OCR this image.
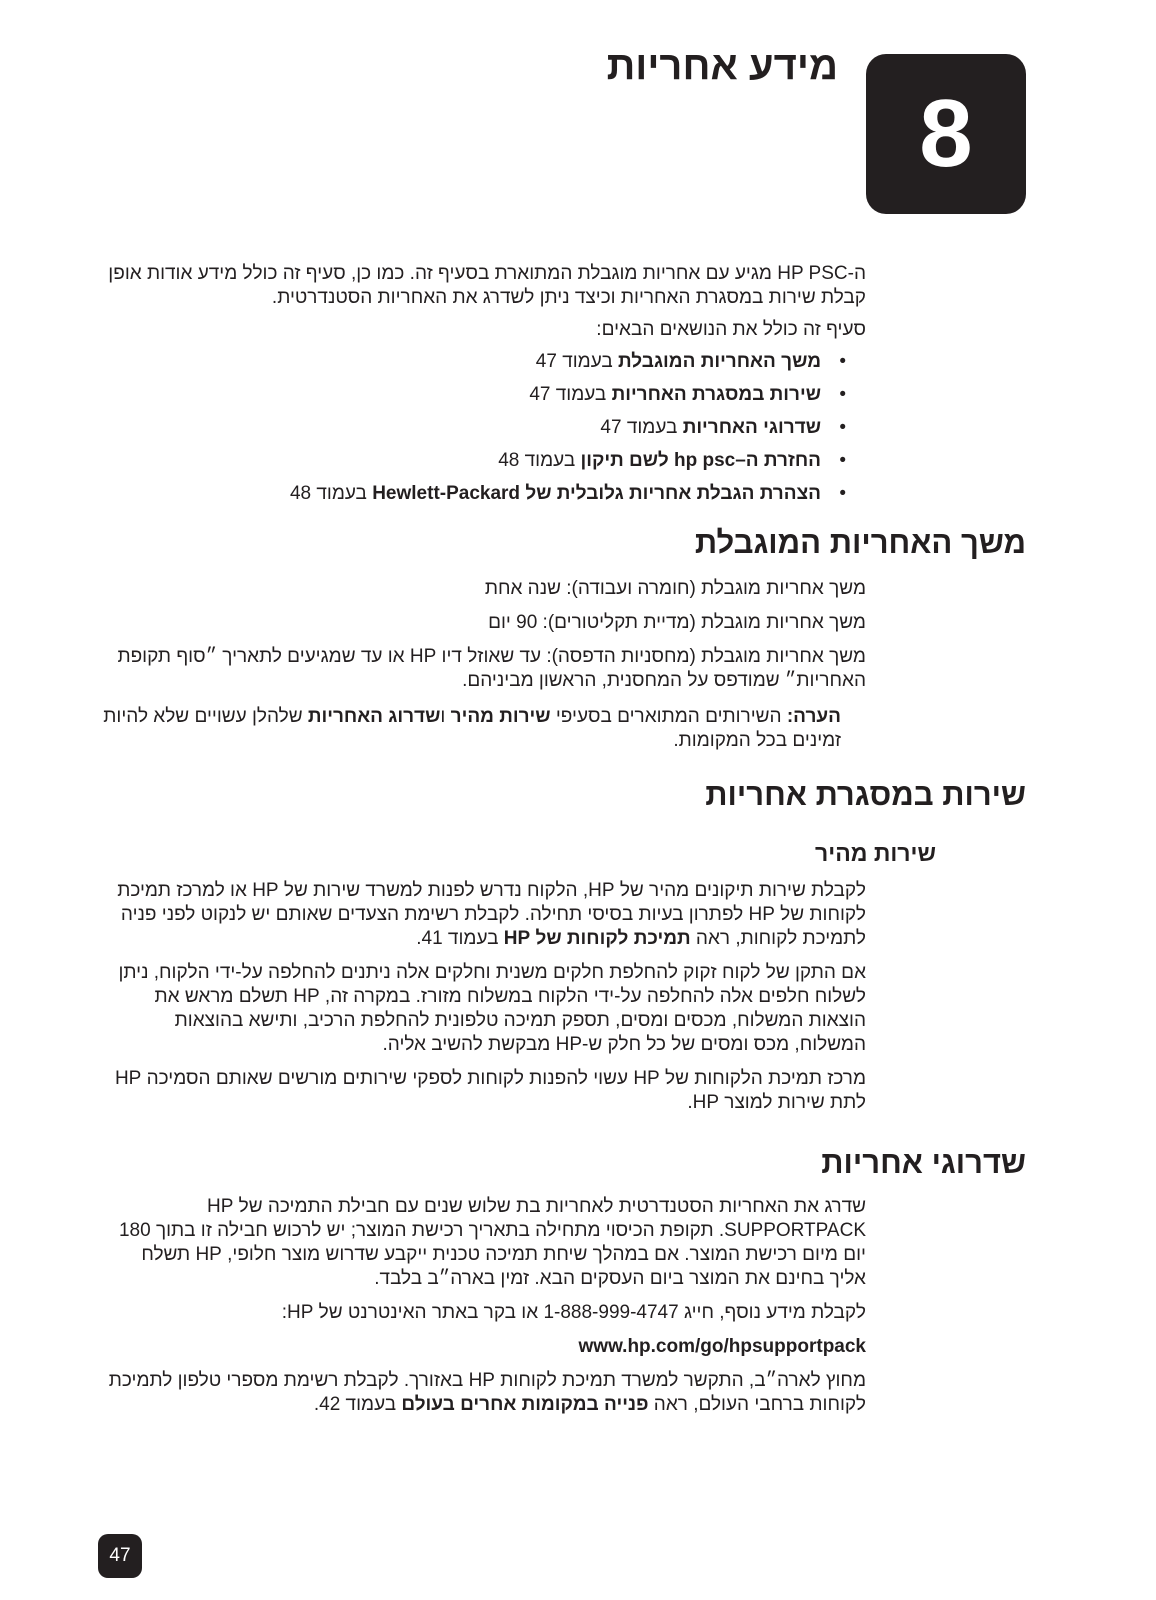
8
מידע אחריות

ה-HP PSC מגיע עם אחריות מוגבלת המתוארת בסעיף זה. כמו כן, סעיף זה כולל מידע אודות אופן קבלת שירות במסגרת האחריות וכיצד ניתן לשדרג את האחריות הסטנדרטית.

סעיף זה כולל את הנושאים הבאים:

•
משך האחריות המוגבלת בעמוד 47
•
שירות במסגרת האחריות בעמוד 47
•
שדרוגי האחריות בעמוד 47
•
החזרת ה–hp psc לשם תיקון בעמוד 48
•
הצהרת הגבלת אחריות גלובלית של Hewlett-Packard בעמוד 48
משך האחריות המוגבלת

משך אחריות מוגבלת (חומרה ועבודה): שנה אחת

משך אחריות מוגבלת (מדיית תקליטורים): 90 יום

משך אחריות מוגבלת (מחסניות הדפסה): עד שאוזל דיו HP או עד שמגיעים לתאריך ״סוף תקופת האחריות״ שמודפס על המחסנית, הראשון מביניהם.

הערה: השירותים המתוארים בסעיפי שירות מהיר ושדרוג האחריות שלהלן עשויים שלא להיות זמינים בכל המקומות.

שירות במסגרת אחריות
שירות מהיר

לקבלת שירות תיקונים מהיר של HP, הלקוח נדרש לפנות למשרד שירות של HP או למרכז תמיכת לקוחות של HP לפתרון בעיות בסיסי תחילה. לקבלת רשימת הצעדים שאותם יש לנקוט לפני פניה לתמיכת לקוחות, ראה תמיכת לקוחות של HP בעמוד 41.

אם התקן של לקוח זקוק להחלפת חלקים משנית וחלקים אלה ניתנים להחלפה על-ידי הלקוח, ניתן לשלוח חלפים אלה להחלפה על-ידי הלקוח במשלוח מזורז. במקרה זה, HP תשלם מראש את הוצאות המשלוח, מכסים ומסים, תספק תמיכה טלפונית להחלפת הרכיב, ותישא בהוצאות המשלוח, מכס ומסים של כל חלק ש-HP מבקשת להשיב אליה.

מרכז תמיכת הלקוחות של HP עשוי להפנות לקוחות לספקי שירותים מורשים שאותם הסמיכה HP לתת שירות למוצר HP.

שדרוגי אחריות

שדרג את האחריות הסטנדרטית לאחריות בת שלוש שנים עם חבילת התמיכה של HP SUPPORTPACK. תקופת הכיסוי מתחילה בתאריך רכישת המוצר; יש לרכוש חבילה זו בתוך 180 יום מיום רכישת המוצר. אם במהלך שיחת תמיכה טכנית ייקבע שדרוש מוצר חלופי, HP תשלח אליך בחינם את המוצר ביום העסקים הבא. זמין בארה״ב בלבד.

לקבלת מידע נוסף, חייג 1-888-999-4747 או בקר באתר האינטרנט של HP:

www.hp.com/go/hpsupportpack

מחוץ לארה״ב, התקשר למשרד תמיכת לקוחות HP באזורך. לקבלת רשימת מספרי טלפון לתמיכת לקוחות ברחבי העולם, ראה פנייה במקומות אחרים בעולם בעמוד 42.

47
